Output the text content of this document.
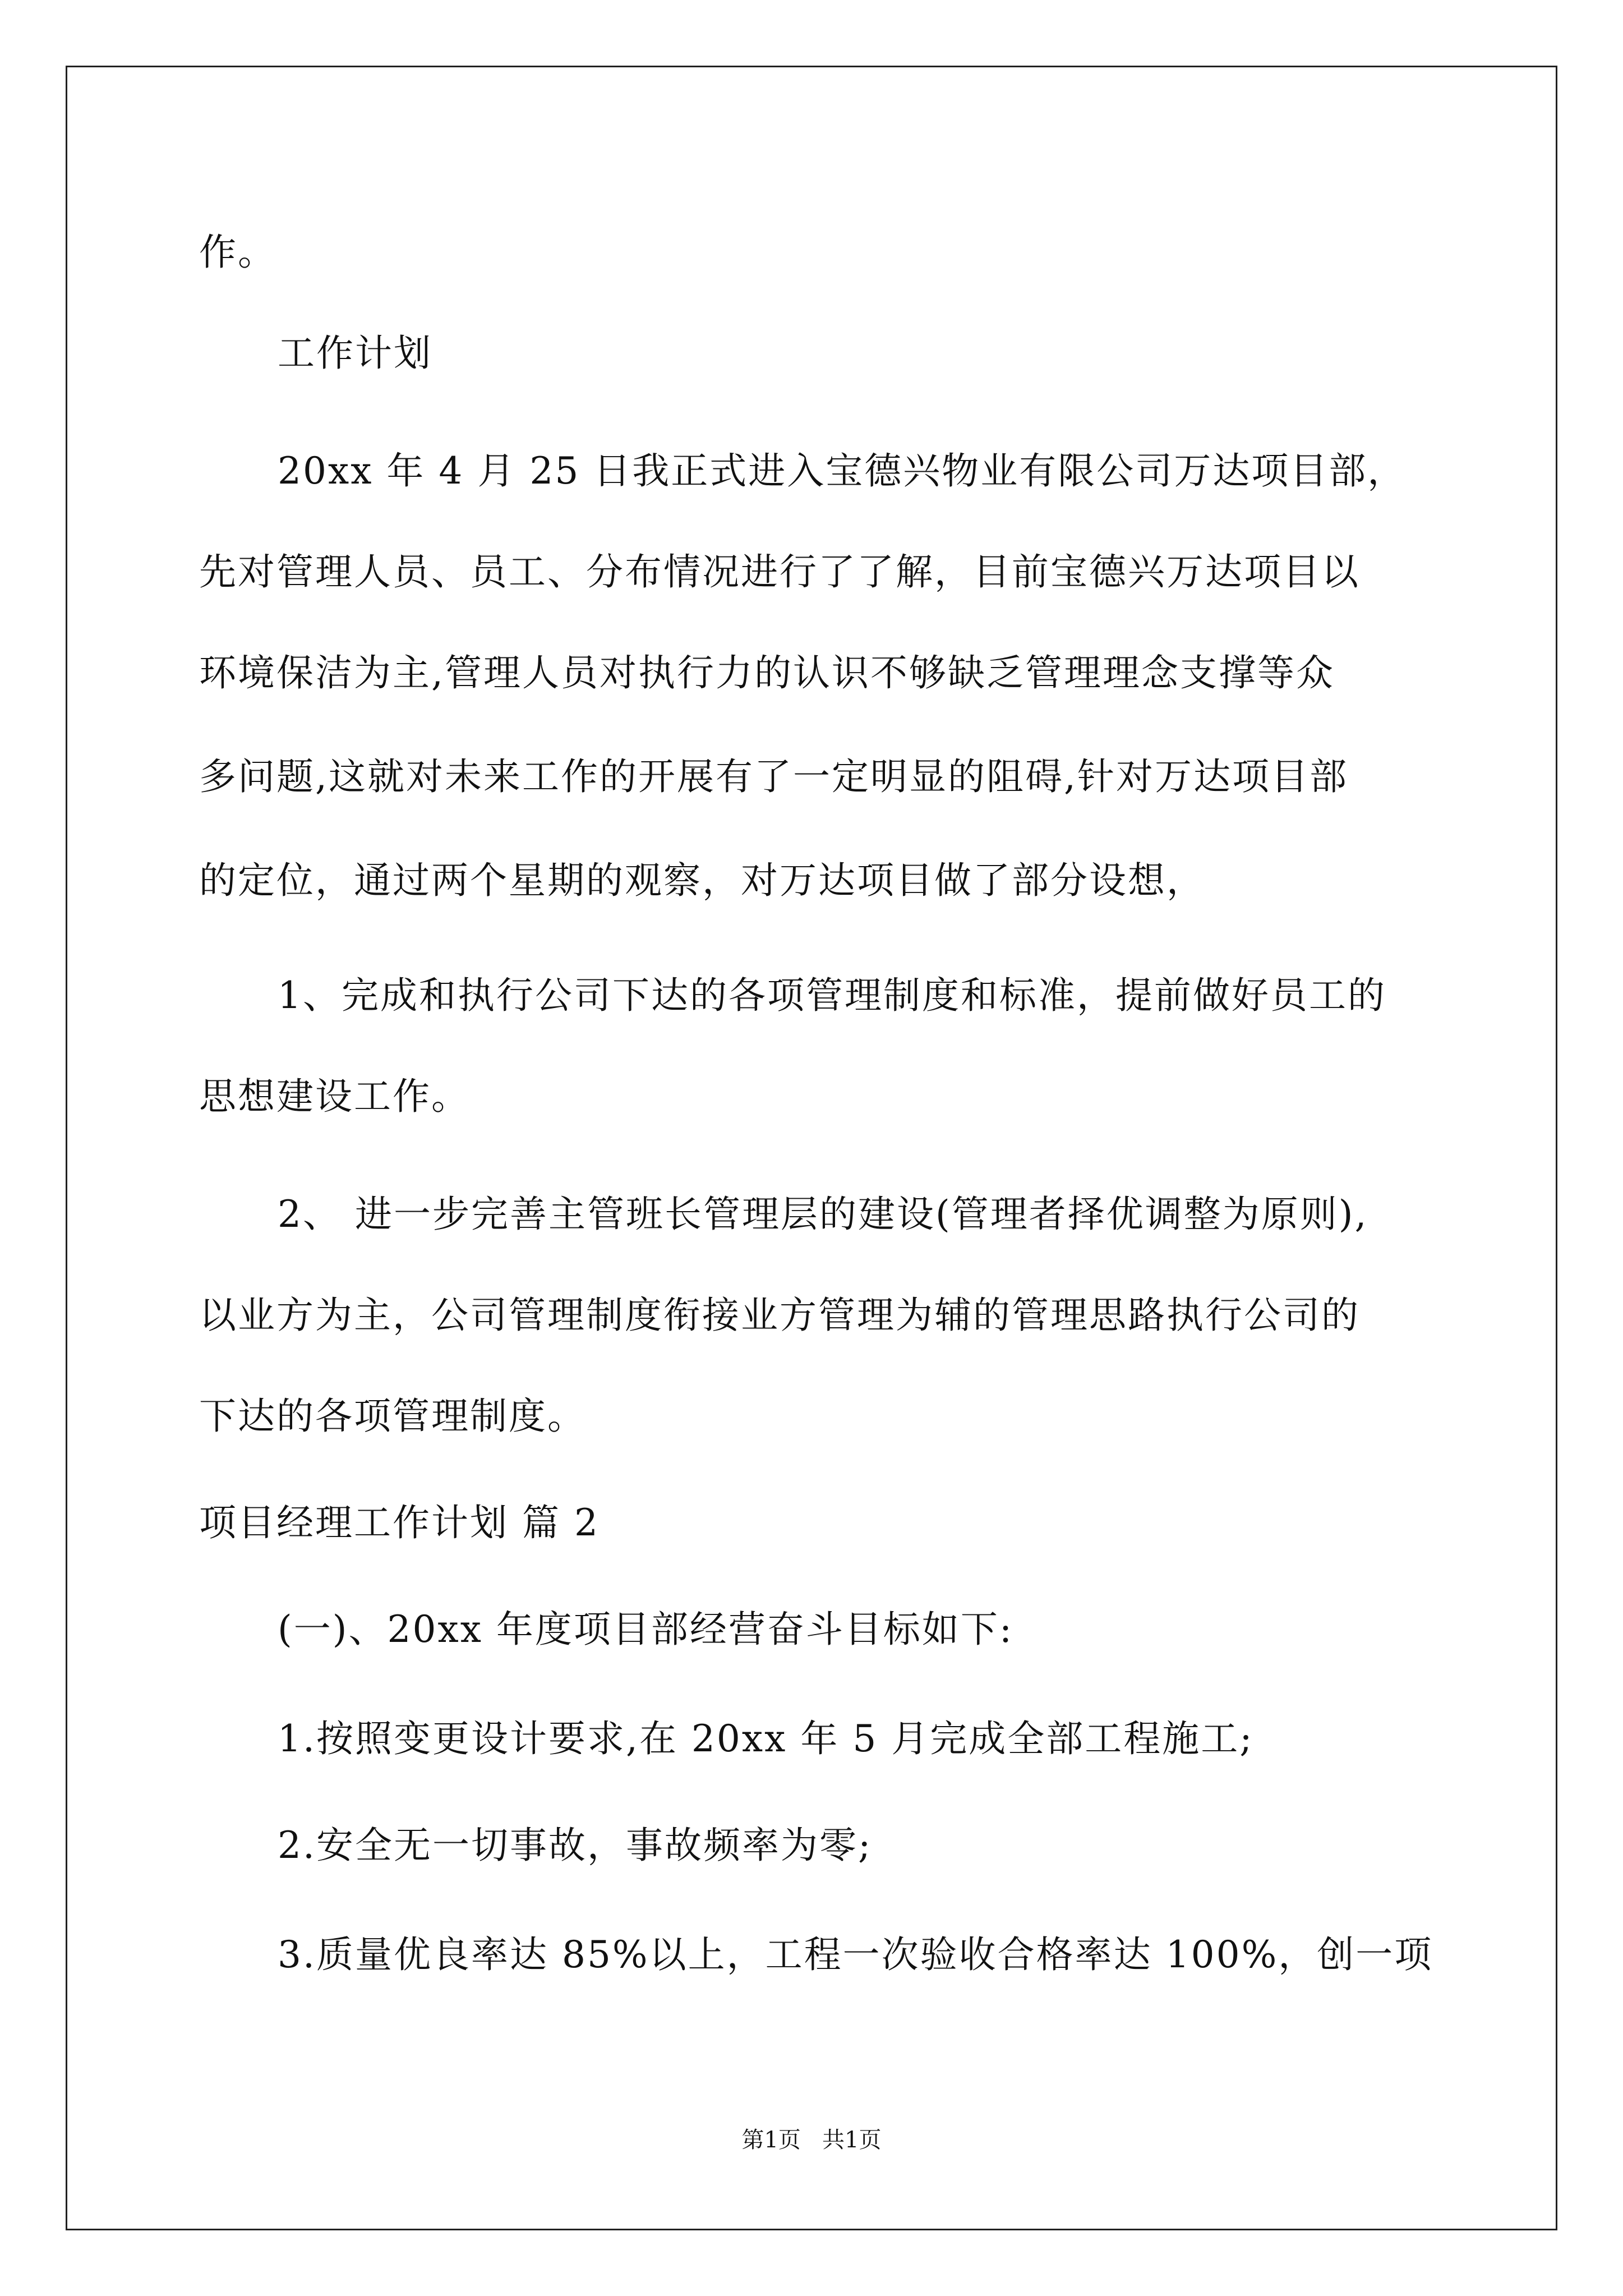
作。
工作计划
20xx 年 4 月 25 日我正式进入宝德兴物业有限公司万达项目部，
先对管理人员、员工、分布情况进行了了解，目前宝德兴万达项目以
环境保洁为主,管理人员对执行力的认识不够缺乏管理理念支撑等众
多问题,这就对未来工作的开展有了一定明显的阻碍,针对万达项目部
的定位，通过两个星期的观察，对万达项目做了部分设想，
1、完成和执行公司下达的各项管理制度和标准，提前做好员工的
思想建设工作。
2、 进一步完善主管班长管理层的建设(管理者择优调整为原则),
以业方为主，公司管理制度衔接业方管理为辅的管理思路执行公司的
下达的各项管理制度。
项目经理工作计划 篇 2
(一)、20xx 年度项目部经营奋斗目标如下:
1.按照变更设计要求,在 20xx 年 5 月完成全部工程施工;
2.安全无一切事故，事故频率为零;
3.质量优良率达 85%以上，工程一次验收合格率达 100%，创一项
第1页   共1页
